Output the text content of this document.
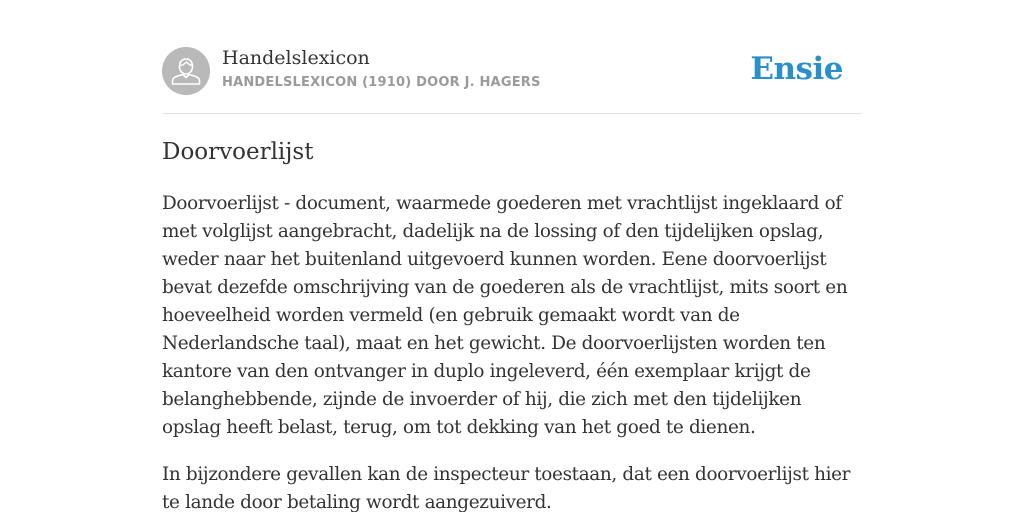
Handelslexicon
HANDELSLEXICON (1910) DOOR J. HAGERS	Ensie
Doorvoerlijst

Doorvoerlijst - document, waarmede goederen met vrachtlijst ingeklaard of met volglijst aangebracht, dadelijk na de lossing of den tijdelijken opslag, weder naar het buitenland uitgevoerd kunnen worden. Eene doorvoerlijst bevat dezefde omschrijving van de goederen als de vrachtlijst, mits soort en hoeveelheid worden vermeld (en gebruik gemaakt wordt van de Nederlandsche taal), maat en het gewicht. De doorvoerlijsten worden ten kantore van den ontvanger in duplo ingeleverd, één exemplaar krijgt de belanghebbende, zijnde de invoerder of hij, die zich met den tijdelijken opslag heeft belast, terug, om tot dekking van het goed te dienen.

In bijzondere gevallen kan de inspecteur toestaan, dat een doorvoerlijst hier te lande door betaling wordt aangezuiverd.
